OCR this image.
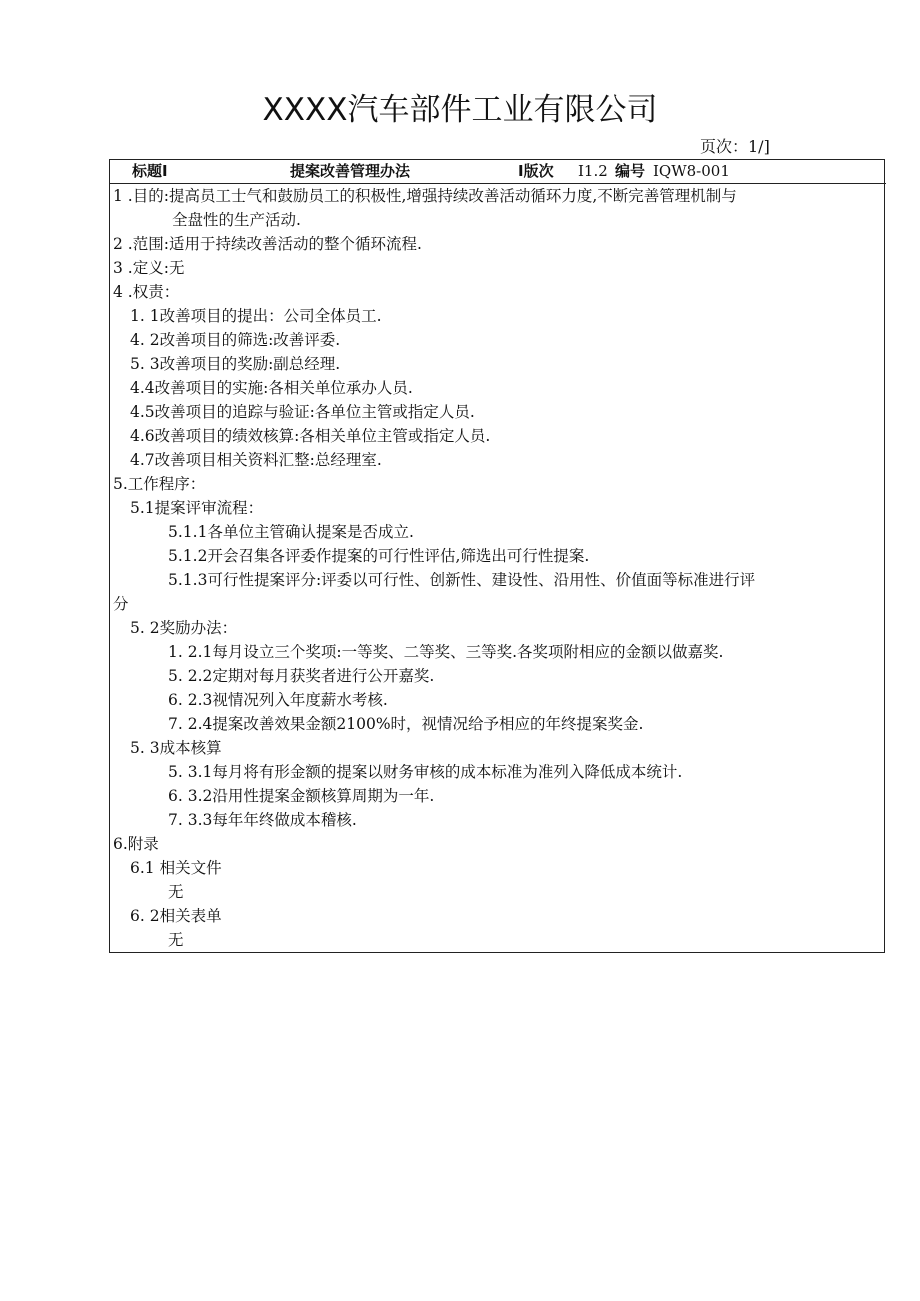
XXXX汽车部件工业有限公司
页次：1/]
标题Ⅰ	提案改善管理办法	Ⅰ版次 Ⅰ1.2 编号 IQW8-001
1 .目的:提高员工士气和鼓励员工的积极性,增强持续改善活动循环力度,不断完善管理机制与
全盘性的生产活动.
2 .范围:适用于持续改善活动的整个循环流程.
3 .定义:无
4 .权责：
1. 1改善项目的提出：公司全体员工.
4. 2改善项目的筛选:改善评委.
5. 3改善项目的奖励:副总经理.
4.4改善项目的实施:各相关单位承办人员.
4.5改善项目的追踪与验证:各单位主管或指定人员.
4.6改善项目的绩效核算:各相关单位主管或指定人员.
4.7改善项目相关资料汇整:总经理室.
5.工作程序：
5.1提案评审流程：
5.1.1各单位主管确认提案是否成立.
5.1.2开会召集各评委作提案的可行性评估,筛选出可行性提案.
5.1.3可行性提案评分:评委以可行性、创新性、建设性、沿用性、价值面等标准进行评
分
5. 2奖励办法：
1. 2.1每月设立三个奖项:一等奖、二等奖、三等奖.各奖项附相应的金额以做嘉奖.
5. 2.2定期对每月获奖者进行公开嘉奖.
6. 2.3视情况列入年度薪水考核.
7. 2.4提案改善效果金额2100%时，视情况给予相应的年终提案奖金.
5. 3成本核算
5. 3.1每月将有形金额的提案以财务审核的成本标准为准列入降低成本统计.
6. 3.2沿用性提案金额核算周期为一年.
7. 3.3每年年终做成本稽核.
6.附录
6.1 相关文件
无
6. 2相关表单
无
